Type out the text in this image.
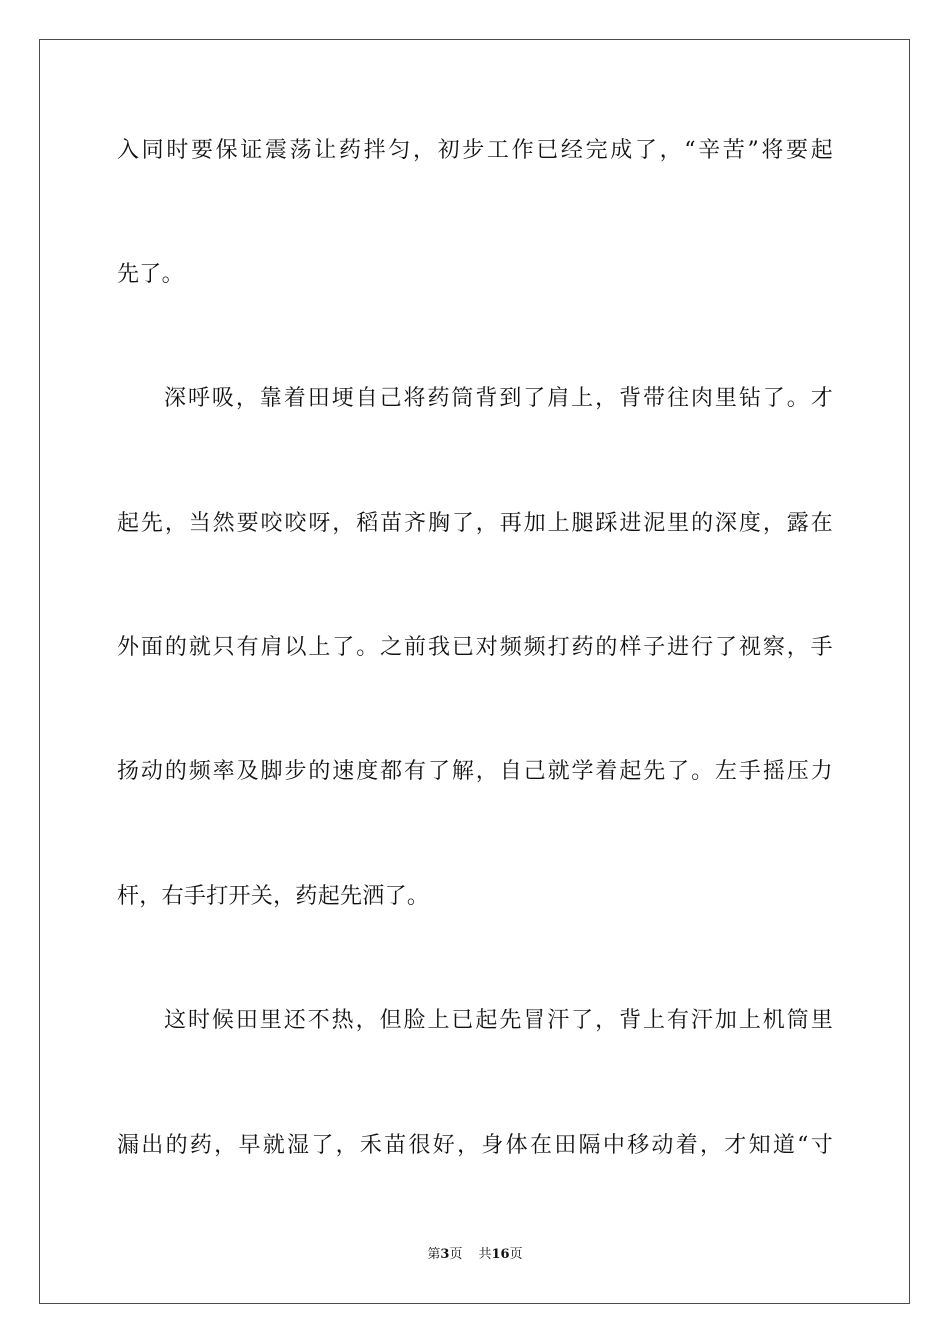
入同时要保证震荡让药拌匀，初步工作已经完成了，“辛苦”将要起
先了。
深呼吸，靠着田埂自己将药筒背到了肩上，背带往肉里钻了。才
起先，当然要咬咬呀，稻苗齐胸了，再加上腿踩进泥里的深度，露在
外面的就只有肩以上了。之前我已对频频打药的样子进行了视察，手
扬动的频率及脚步的速度都有了解，自己就学着起先了。左手摇压力
杆，右手打开关，药起先洒了。
这时候田里还不热，但脸上已起先冒汗了，背上有汗加上机筒里
漏出的药，早就湿了，禾苗很好，身体在田隔中移动着，才知道“寸
第3页 共16页
